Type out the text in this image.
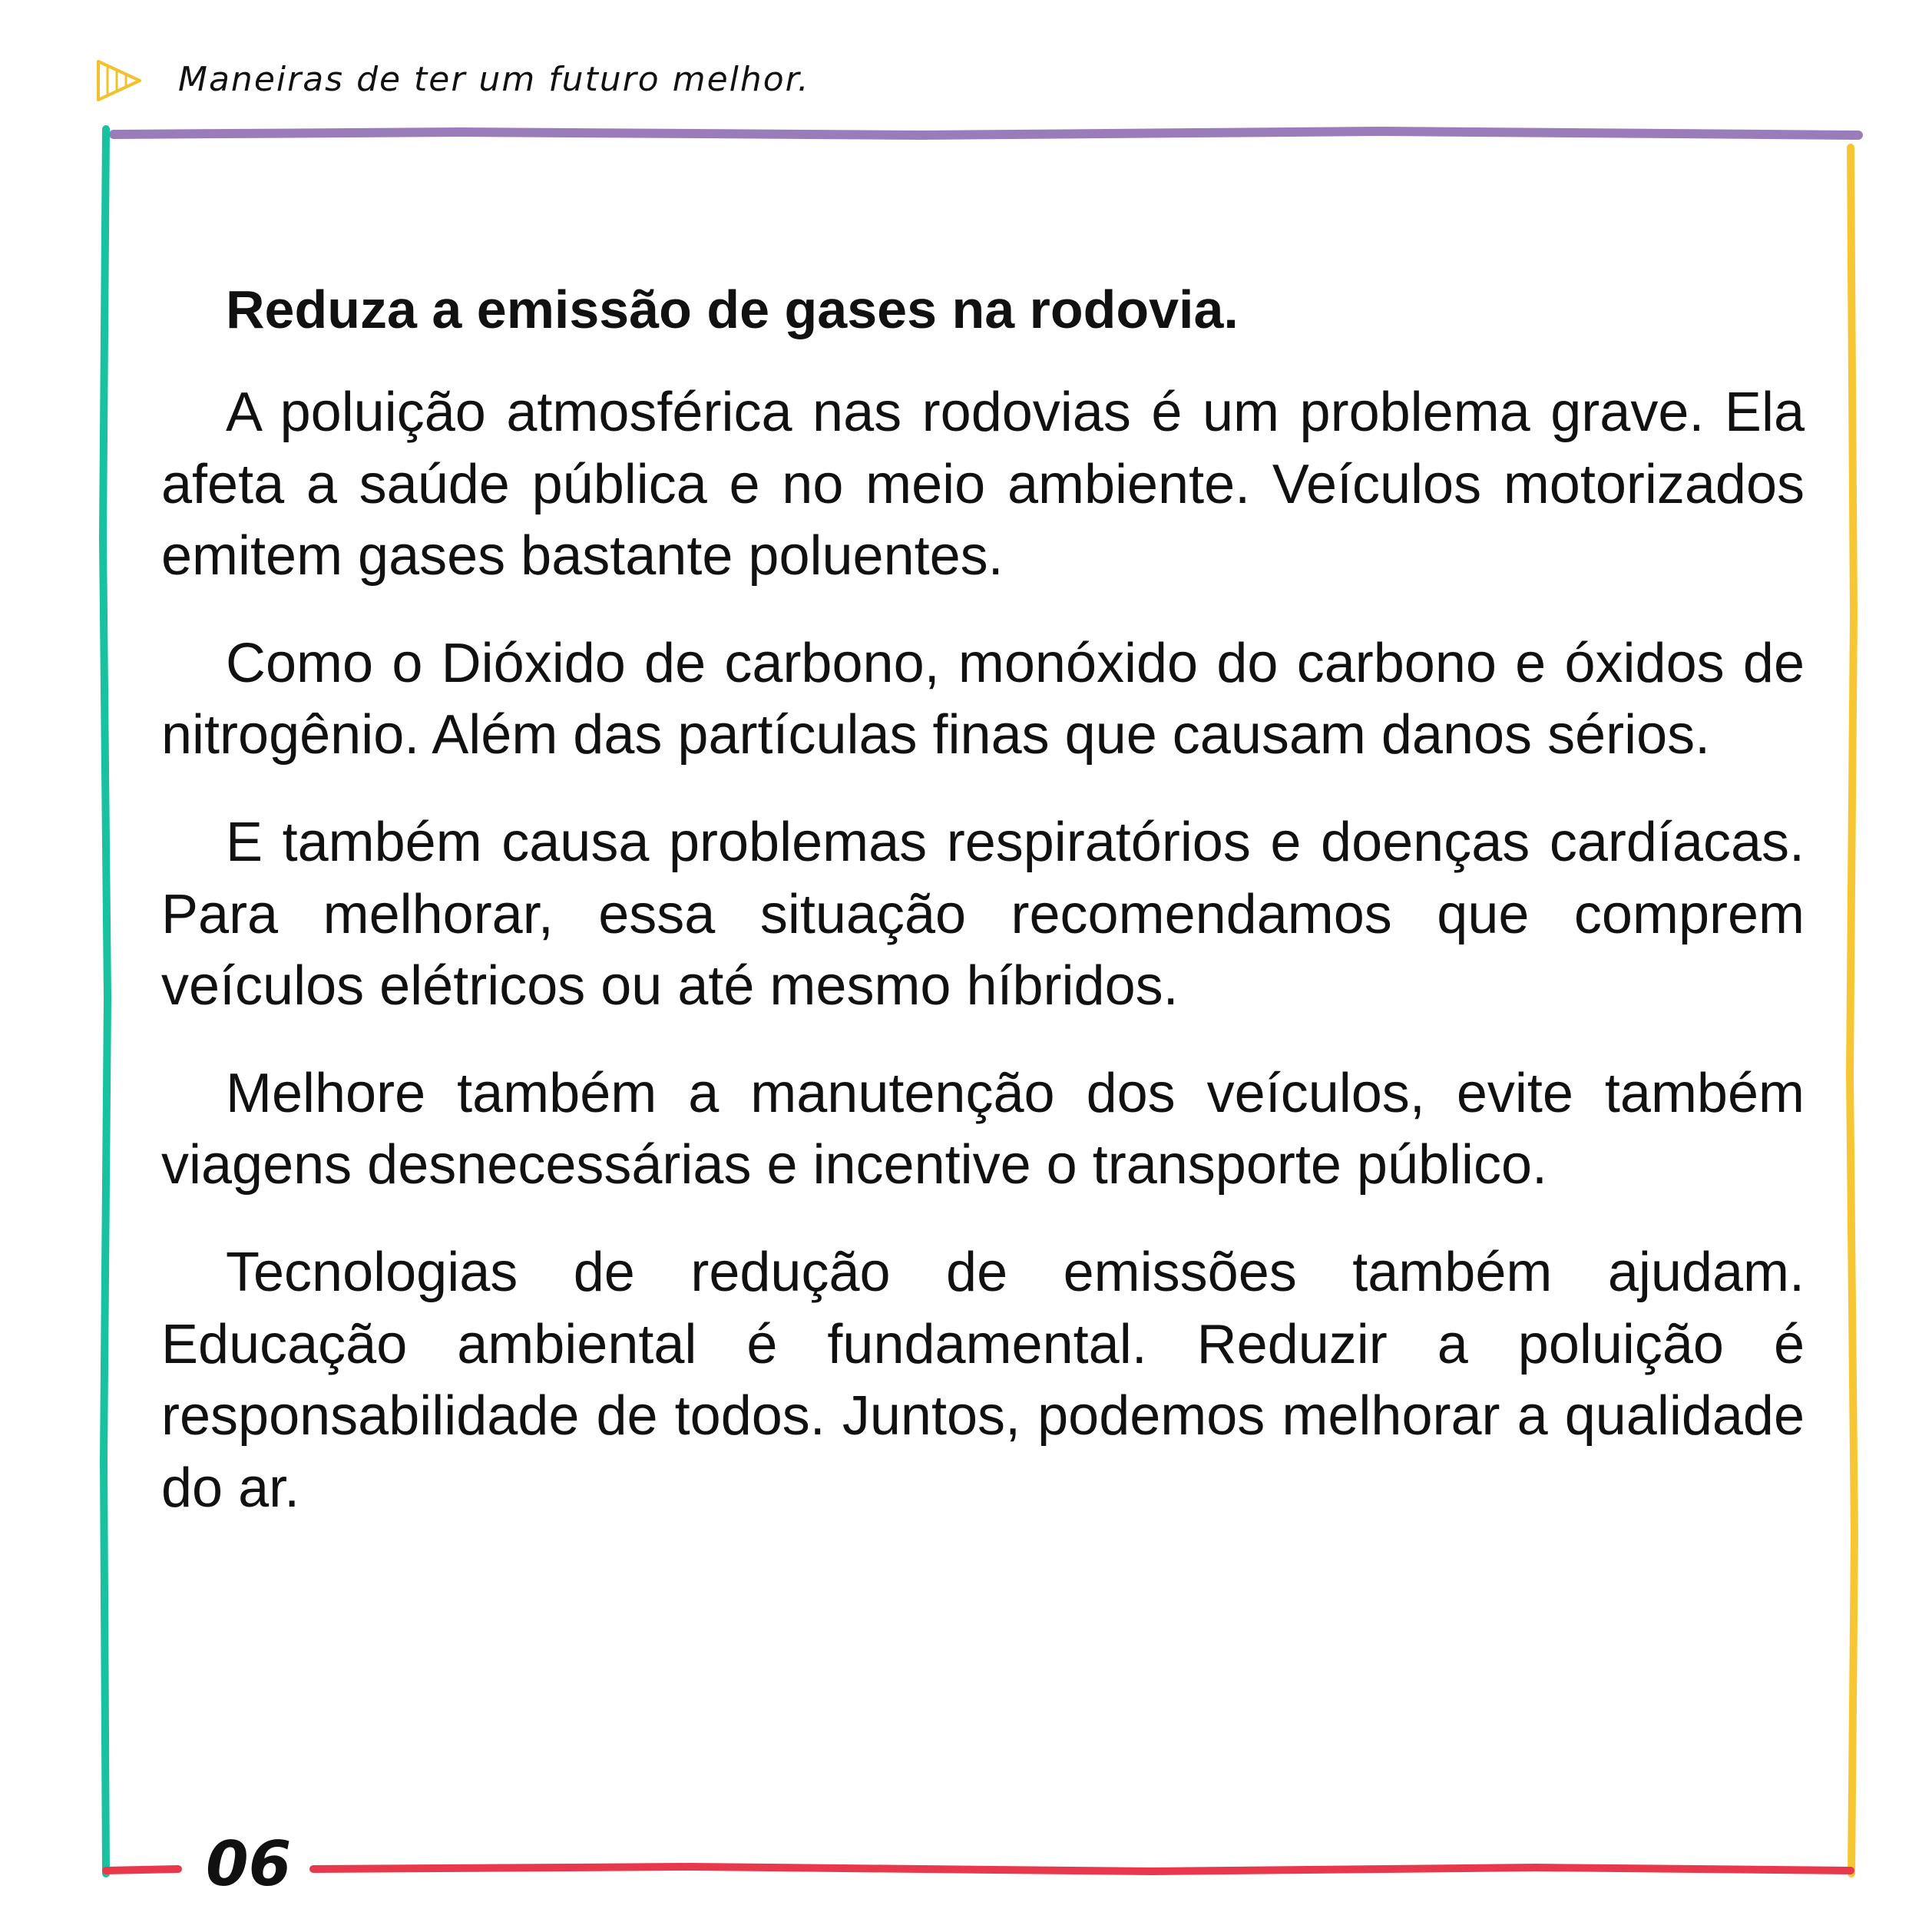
Maneiras de ter um futuro melhor.

Reduza a emissão de gases na rodovia.

A poluição atmosférica nas rodovias é um problema grave. Ela afeta a saúde pública e no meio ambiente. Veículos motorizados emitem gases bastante poluentes.

Como o Dióxido de carbono, monóxido do carbono e óxidos de nitrogênio. Além das partículas finas que causam danos sérios.

E também causa problemas respiratórios e doenças cardíacas. Para melhorar, essa situação recomendamos que comprem veículos elétricos ou até mesmo híbridos.

Melhore também a manutenção dos veículos, evite também viagens desnecessárias e incentive o transporte público.

Tecnologias de redução de emissões também ajudam. Educação ambiental é fundamental. Reduzir a poluição é responsabilidade de todos. Juntos, podemos melhorar a qualidade do ar.

06
